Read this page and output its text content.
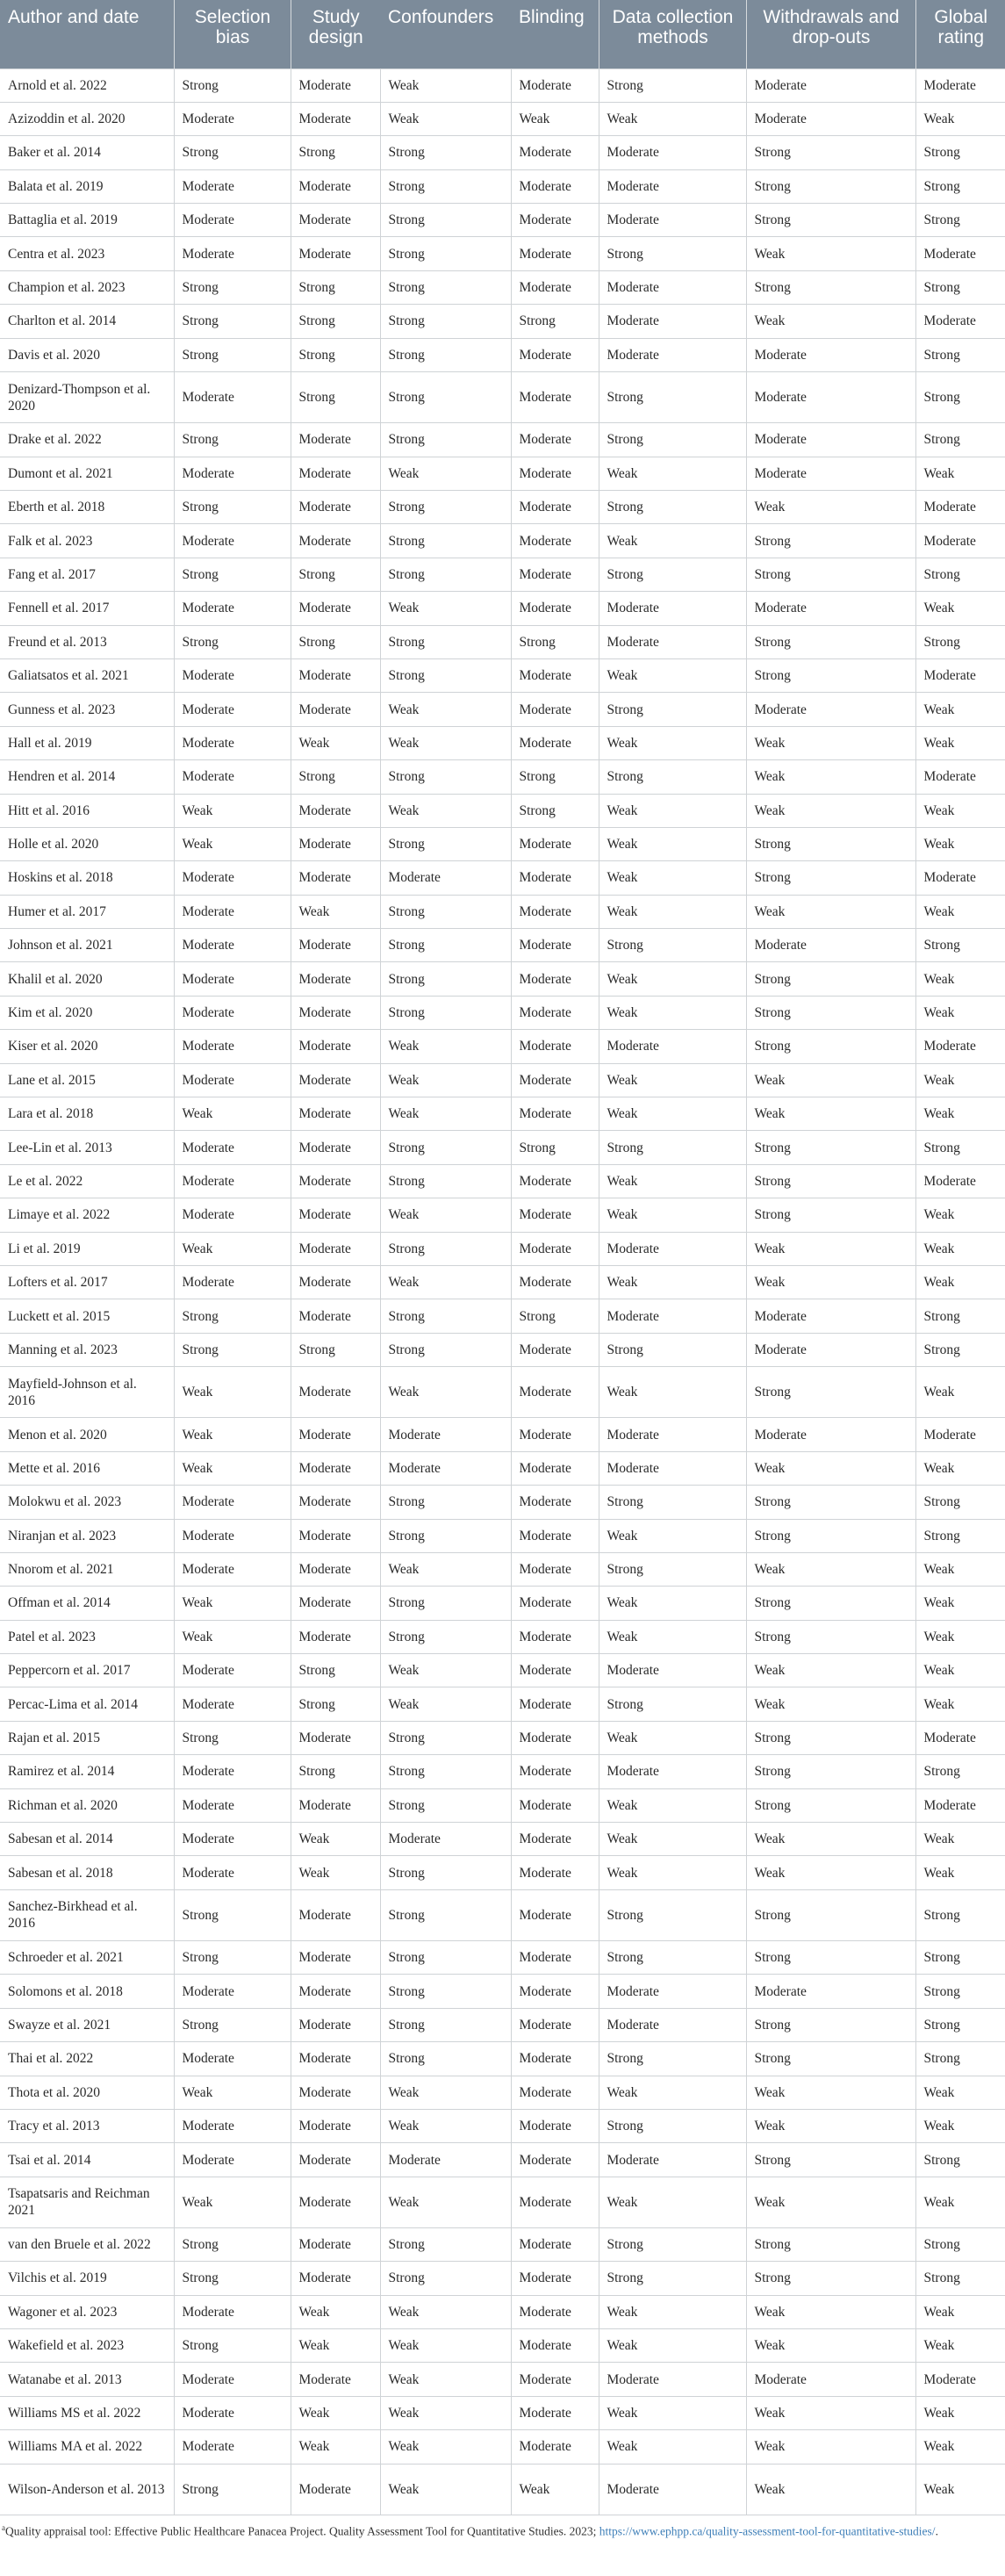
Author and date	Selection bias	Study design	Confounders	Blinding	Data collection methods	Withdrawals and drop-outs	Global rating
Arnold et al. 2022	Strong	Moderate	Weak	Moderate	Strong	Moderate	Moderate
Azizoddin et al. 2020	Moderate	Moderate	Weak	Weak	Weak	Moderate	Weak
Baker et al. 2014	Strong	Strong	Strong	Moderate	Moderate	Strong	Strong
Balata et al. 2019	Moderate	Moderate	Strong	Moderate	Moderate	Strong	Strong
Battaglia et al. 2019	Moderate	Moderate	Strong	Moderate	Moderate	Strong	Strong
Centra et al. 2023	Moderate	Moderate	Strong	Moderate	Strong	Weak	Moderate
Champion et al. 2023	Strong	Strong	Strong	Moderate	Moderate	Strong	Strong
Charlton et al. 2014	Strong	Strong	Strong	Strong	Moderate	Weak	Moderate
Davis et al. 2020	Strong	Strong	Strong	Moderate	Moderate	Moderate	Strong
Denizard-Thompson et al. 2020	Moderate	Strong	Strong	Moderate	Strong	Moderate	Strong
Drake et al. 2022	Strong	Moderate	Strong	Moderate	Strong	Moderate	Strong
Dumont et al. 2021	Moderate	Moderate	Weak	Moderate	Weak	Moderate	Weak
Eberth et al. 2018	Strong	Moderate	Strong	Moderate	Strong	Weak	Moderate
Falk et al. 2023	Moderate	Moderate	Strong	Moderate	Weak	Strong	Moderate
Fang et al. 2017	Strong	Strong	Strong	Moderate	Strong	Strong	Strong
Fennell et al. 2017	Moderate	Moderate	Weak	Moderate	Moderate	Moderate	Weak
Freund et al. 2013	Strong	Strong	Strong	Strong	Moderate	Strong	Strong
Galiatsatos et al. 2021	Moderate	Moderate	Strong	Moderate	Weak	Strong	Moderate
Gunness et al. 2023	Moderate	Moderate	Weak	Moderate	Strong	Moderate	Weak
Hall et al. 2019	Moderate	Weak	Weak	Moderate	Weak	Weak	Weak
Hendren et al. 2014	Moderate	Strong	Strong	Strong	Strong	Weak	Moderate
Hitt et al. 2016	Weak	Moderate	Weak	Strong	Weak	Weak	Weak
Holle et al. 2020	Weak	Moderate	Strong	Moderate	Weak	Strong	Weak
Hoskins et al. 2018	Moderate	Moderate	Moderate	Moderate	Weak	Strong	Moderate
Humer et al. 2017	Moderate	Weak	Strong	Moderate	Weak	Weak	Weak
Johnson et al. 2021	Moderate	Moderate	Strong	Moderate	Strong	Moderate	Strong
Khalil et al. 2020	Moderate	Moderate	Strong	Moderate	Weak	Strong	Weak
Kim et al. 2020	Moderate	Moderate	Strong	Moderate	Weak	Strong	Weak
Kiser et al. 2020	Moderate	Moderate	Weak	Moderate	Moderate	Strong	Moderate
Lane et al. 2015	Moderate	Moderate	Weak	Moderate	Weak	Weak	Weak
Lara et al. 2018	Weak	Moderate	Weak	Moderate	Weak	Weak	Weak
Lee-Lin et al. 2013	Moderate	Moderate	Strong	Strong	Strong	Strong	Strong
Le et al. 2022	Moderate	Moderate	Strong	Moderate	Weak	Strong	Moderate
Limaye et al. 2022	Moderate	Moderate	Weak	Moderate	Weak	Strong	Weak
Li et al. 2019	Weak	Moderate	Strong	Moderate	Moderate	Weak	Weak
Lofters et al. 2017	Moderate	Moderate	Weak	Moderate	Weak	Weak	Weak
Luckett et al. 2015	Strong	Moderate	Strong	Strong	Moderate	Moderate	Strong
Manning et al. 2023	Strong	Strong	Strong	Moderate	Strong	Moderate	Strong
Mayfield-Johnson et al. 2016	Weak	Moderate	Weak	Moderate	Weak	Strong	Weak
Menon et al. 2020	Weak	Moderate	Moderate	Moderate	Moderate	Moderate	Moderate
Mette et al. 2016	Weak	Moderate	Moderate	Moderate	Moderate	Weak	Weak
Molokwu et al. 2023	Moderate	Moderate	Strong	Moderate	Strong	Strong	Strong
Niranjan et al. 2023	Moderate	Moderate	Strong	Moderate	Weak	Strong	Strong
Nnorom et al. 2021	Moderate	Moderate	Weak	Moderate	Strong	Weak	Weak
Offman et al. 2014	Weak	Moderate	Strong	Moderate	Weak	Strong	Weak
Patel et al. 2023	Weak	Moderate	Strong	Moderate	Weak	Strong	Weak
Peppercorn et al. 2017	Moderate	Strong	Weak	Moderate	Moderate	Weak	Weak
Percac-Lima et al. 2014	Moderate	Strong	Weak	Moderate	Strong	Weak	Weak
Rajan et al. 2015	Strong	Moderate	Strong	Moderate	Weak	Strong	Moderate
Ramirez et al. 2014	Moderate	Strong	Strong	Moderate	Moderate	Strong	Strong
Richman et al. 2020	Moderate	Moderate	Strong	Moderate	Weak	Strong	Moderate
Sabesan et al. 2014	Moderate	Weak	Moderate	Moderate	Weak	Weak	Weak
Sabesan et al. 2018	Moderate	Weak	Strong	Moderate	Weak	Weak	Weak
Sanchez-Birkhead et al. 2016	Strong	Moderate	Strong	Moderate	Strong	Strong	Strong
Schroeder et al. 2021	Strong	Moderate	Strong	Moderate	Strong	Strong	Strong
Solomons et al. 2018	Moderate	Moderate	Strong	Moderate	Moderate	Moderate	Strong
Swayze et al. 2021	Strong	Moderate	Strong	Moderate	Moderate	Strong	Strong
Thai et al. 2022	Moderate	Moderate	Strong	Moderate	Strong	Strong	Strong
Thota et al. 2020	Weak	Moderate	Weak	Moderate	Weak	Weak	Weak
Tracy et al. 2013	Moderate	Moderate	Weak	Moderate	Strong	Weak	Weak
Tsai et al. 2014	Moderate	Moderate	Moderate	Moderate	Moderate	Strong	Strong
Tsapatsaris and Reichman 2021	Weak	Moderate	Weak	Moderate	Weak	Weak	Weak
van den Bruele et al. 2022	Strong	Moderate	Strong	Moderate	Strong	Strong	Strong
Vilchis et al. 2019	Strong	Moderate	Strong	Moderate	Strong	Strong	Strong
Wagoner et al. 2023	Moderate	Weak	Weak	Moderate	Weak	Weak	Weak
Wakefield et al. 2023	Strong	Weak	Weak	Moderate	Weak	Weak	Weak
Watanabe et al. 2013	Moderate	Moderate	Weak	Moderate	Moderate	Moderate	Moderate
Williams MS et al. 2022	Moderate	Weak	Weak	Moderate	Weak	Weak	Weak
Williams MA et al. 2022	Moderate	Weak	Weak	Moderate	Weak	Weak	Weak
Wilson-Anderson et al. 2013	Strong	Moderate	Weak	Weak	Moderate	Weak	Weak
$^a$Quality appraisal tool: Effective Public Healthcare Panacea Project. Quality Assessment Tool for Quantitative Studies. 2023; https://www.ephpp.ca/quality-assessment-tool-for-quantitative-studies/.
